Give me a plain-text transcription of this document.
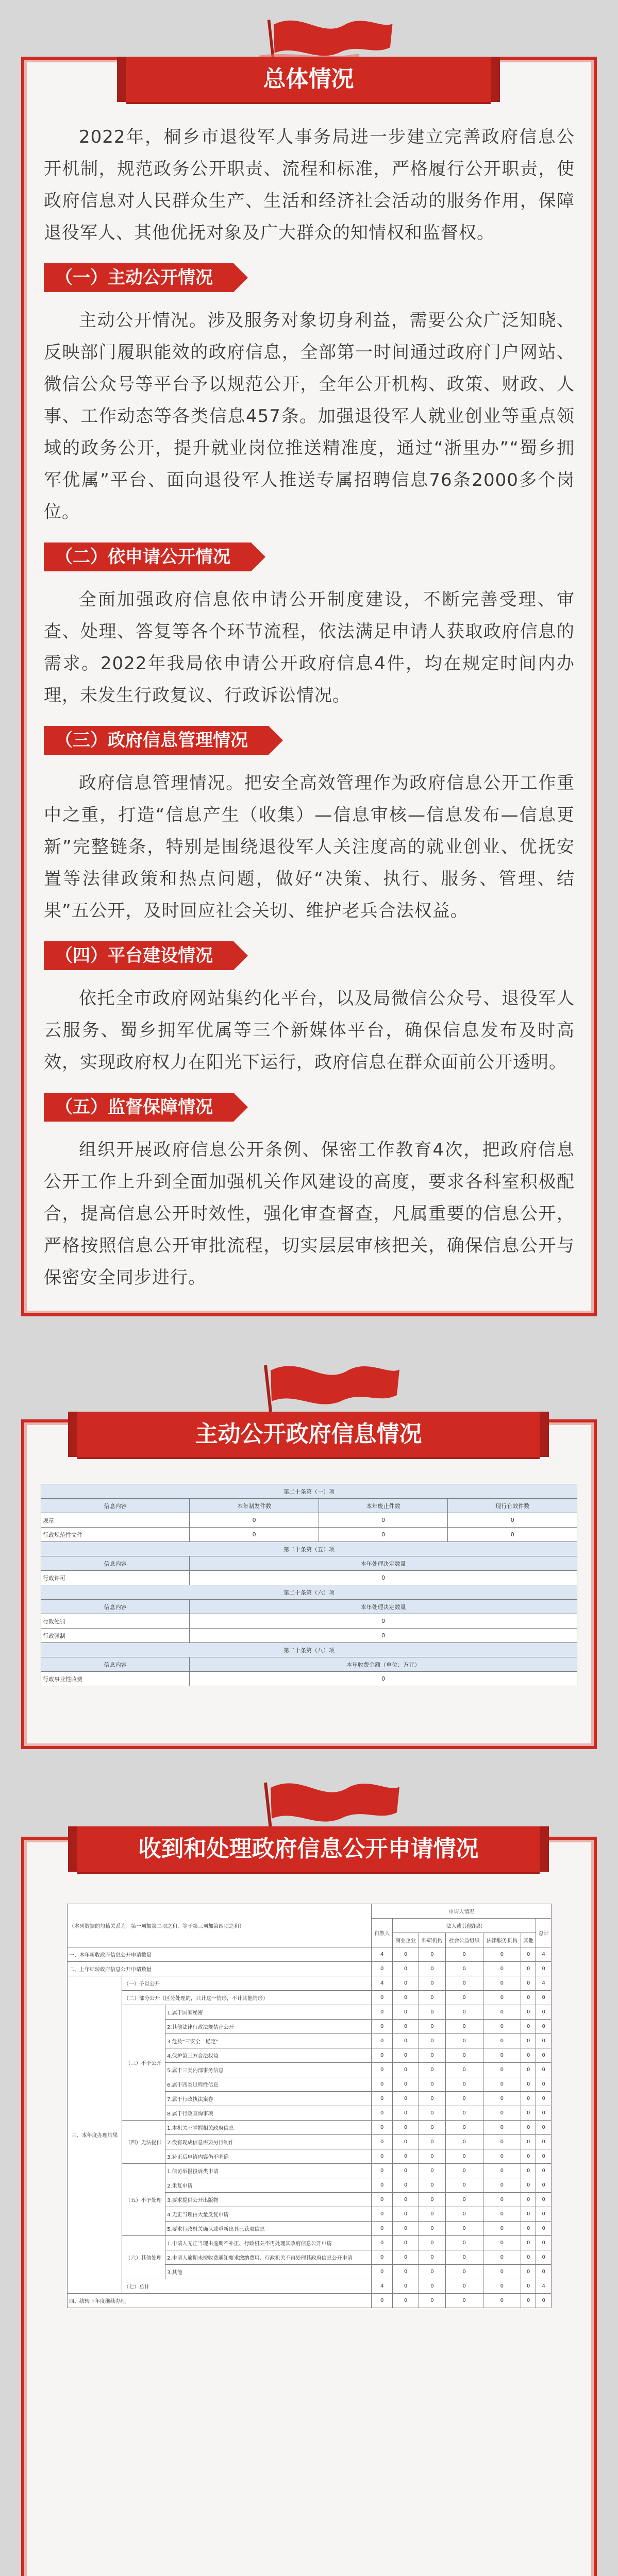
总体情况

2022年，桐乡市退役军人事务局进一步建立完善政府信息公开机制，规范政务公开职责、流程和标准，严格履行公开职责，使政府信息对人民群众生产、生活和经济社会活动的服务作用，保障退役军人、其他优抚对象及广大群众的知情权和监督权。

（一）主动公开情况

主动公开情况。涉及服务对象切身利益，需要公众广泛知晓、反映部门履职能效的政府信息，全部第一时间通过政府门户网站、微信公众号等平台予以规范公开，全年公开机构、政策、财政、人事、工作动态等各类信息457条。加强退役军人就业创业等重点领域的政务公开，提升就业岗位推送精准度，通过“浙里办”“蜀乡拥军优属”平台、面向退役军人推送专属招聘信息76条2000多个岗位。

（二）依申请公开情况

全面加强政府信息依申请公开制度建设，不断完善受理、审查、处理、答复等各个环节流程，依法满足申请人获取政府信息的需求。2022年我局依申请公开政府信息4件，均在规定时间内办理，未发生行政复议、行政诉讼情况。

（三）政府信息管理情况

政府信息管理情况。把安全高效管理作为政府信息公开工作重中之重，打造“信息产生（收集）—信息审核—信息发布—信息更新”完整链条，特别是围绕退役军人关注度高的就业创业、优抚安置等法律政策和热点问题，做好“决策、执行、服务、管理、结果”五公开，及时回应社会关切、维护老兵合法权益。

（四）平台建设情况

依托全市政府网站集约化平台，以及局微信公众号、退役军人云服务、蜀乡拥军优属等三个新媒体平台，确保信息发布及时高效，实现政府权力在阳光下运行，政府信息在群众面前公开透明。

（五）监督保障情况

组织开展政府信息公开条例、保密工作教育4次，把政府信息公开工作上升到全面加强机关作风建设的高度，要求各科室积极配合，提高信息公开时效性，强化审查督查，凡属重要的信息公开，严格按照信息公开审批流程，切实层层审核把关，确保信息公开与保密安全同步进行。

主动公开政府信息情况
第二十条第（一）项			
信息内容	本年制发件数	本年废止件数	现行有效件数
规章	0	0	0
行政规范性文件	0	0	0
第二十条第（五）项			
信息内容	本年处理决定数量		
行政许可	0		
第二十条第（六）项			
信息内容	本年处理决定数量		
行政处罚	0		
行政强制	0		
第二十条第（八）项			
信息内容	本年收费金额（单位：万元）		
行政事业性收费	0		
收到和处理政府信息公开申请情况
（本列数据的勾稽关系为：第一项加第二项之和，等于第三项加第四项之和）			申请人情况						
			自然人	法人或其他组织					总计
				商业企业	科研机构	社会公益组织	法律服务机构	其他	
一、本年新收政府信息公开申请数量			4	0	0	0	0	0	4
二、上年结转政府信息公开申请数量			0	0	0	0	0	0	0
三、本年度办理结果	（一）予以公开		4	0	0	0	0	0	4
	（二）部分公开（区分处理的，只计这一情形，不计其他情形）		0	0	0	0	0	0	0
	（三）不予公开	1.属于国家秘密	0	0	0	0	0	0	0
		2.其他法律行政法规禁止公开	0	0	0	0	0	0	0
		3.危及“三安全一稳定”	0	0	0	0	0	0	0
		4.保护第三方合法权益	0	0	0	0	0	0	0
		5.属于三类内部事务信息	0	0	0	0	0	0	0
		6.属于四类过程性信息	0	0	0	0	0	0	0
		7.属于行政执法案卷	0	0	0	0	0	0	0
		8.属于行政查询事项	0	0	0	0	0	0	0
	（四）无法提供	1.本机关不掌握相关政府信息	0	0	0	0	0	0	0
		2.没有现成信息需要另行制作	0	0	0	0	0	0	0
		3.补正后申请内容仍不明确	0	0	0	0	0	0	0
	（五）不予处理	1.信访举报投诉类申请	0	0	0	0	0	0	0
		2.重复申请	0	0	0	0	0	0	0
		3.要求提供公开出版物	0	0	0	0	0	0	0
		4.无正当理由大量反复申请	0	0	0	0	0	0	0
		5.要求行政机关确认或重新出具已获取信息	0	0	0	0	0	0	0
	（六）其他处理	1.申请人无正当理由逾期不补正、行政机关不再处理其政府信息公开申请	0	0	0	0	0	0	0
		2.申请人逾期未按收费通知要求缴纳费用、行政机关不再处理其政府信息公开申请	0	0	0	0	0	0	0
		3.其他	0	0	0	0	0	0	0
	（七）总计		4	0	0	0	0	0	4
四、结转下年度继续办理			0	0	0	0	0	0	0
